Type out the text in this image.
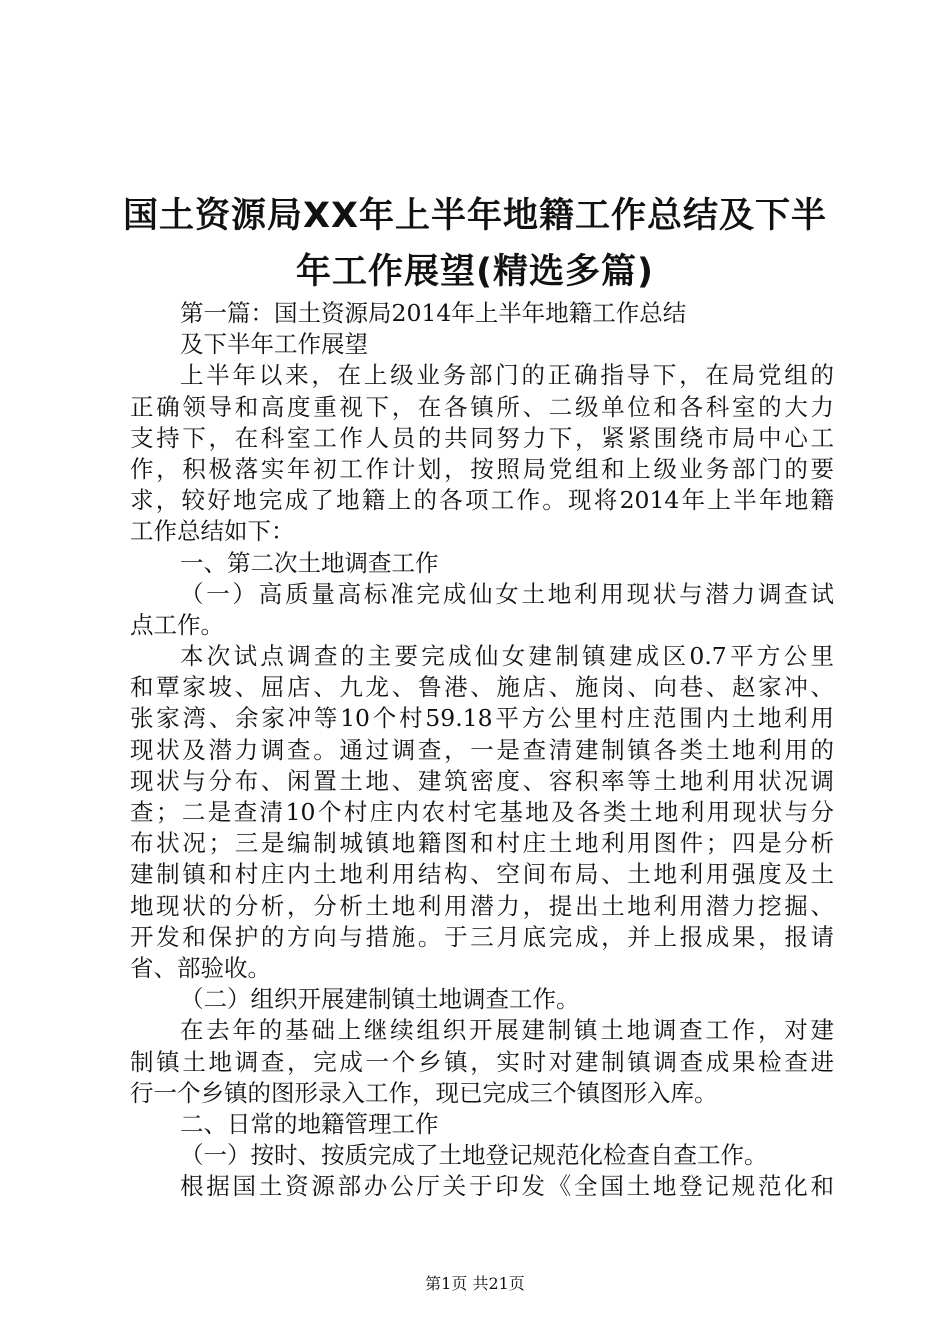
国土资源局XX年上半年地籍工作总结及下半
年工作展望(精选多篇)
第一篇：国土资源局2014年上半年地籍工作总结
及下半年工作展望
上半年以来，在上级业务部门的正确指导下，在局党组的
正确领导和高度重视下，在各镇所、二级单位和各科室的大力
支持下，在科室工作人员的共同努力下，紧紧围绕市局中心工
作，积极落实年初工作计划，按照局党组和上级业务部门的要
求，较好地完成了地籍上的各项工作。现将2014年上半年地籍
工作总结如下：
一、第二次土地调查工作
（一）高质量高标准完成仙女土地利用现状与潜力调查试
点工作。
本次试点调查的主要完成仙女建制镇建成区0.7平方公里
和覃家坡、屈店、九龙、鲁港、施店、施岗、向巷、赵家冲、
张家湾、余家冲等10个村59.18平方公里村庄范围内土地利用
现状及潜力调查。通过调查，一是查清建制镇各类土地利用的
现状与分布、闲置土地、建筑密度、容积率等土地利用状况调
查；二是查清10个村庄内农村宅基地及各类土地利用现状与分
布状况；三是编制城镇地籍图和村庄土地利用图件；四是分析
建制镇和村庄内土地利用结构、空间布局、土地利用强度及土
地现状的分析，分析土地利用潜力，提出土地利用潜力挖掘、
开发和保护的方向与措施。于三月底完成，并上报成果，报请
省、部验收。
（二）组织开展建制镇土地调查工作。
在去年的基础上继续组织开展建制镇土地调查工作，对建
制镇土地调查，完成一个乡镇，实时对建制镇调查成果检查进
行一个乡镇的图形录入工作，现已完成三个镇图形入库。
二、日常的地籍管理工作
（一）按时、按质完成了土地登记规范化检查自查工作。
根据国土资源部办公厅关于印发《全国土地登记规范化和
第1页 共21页
